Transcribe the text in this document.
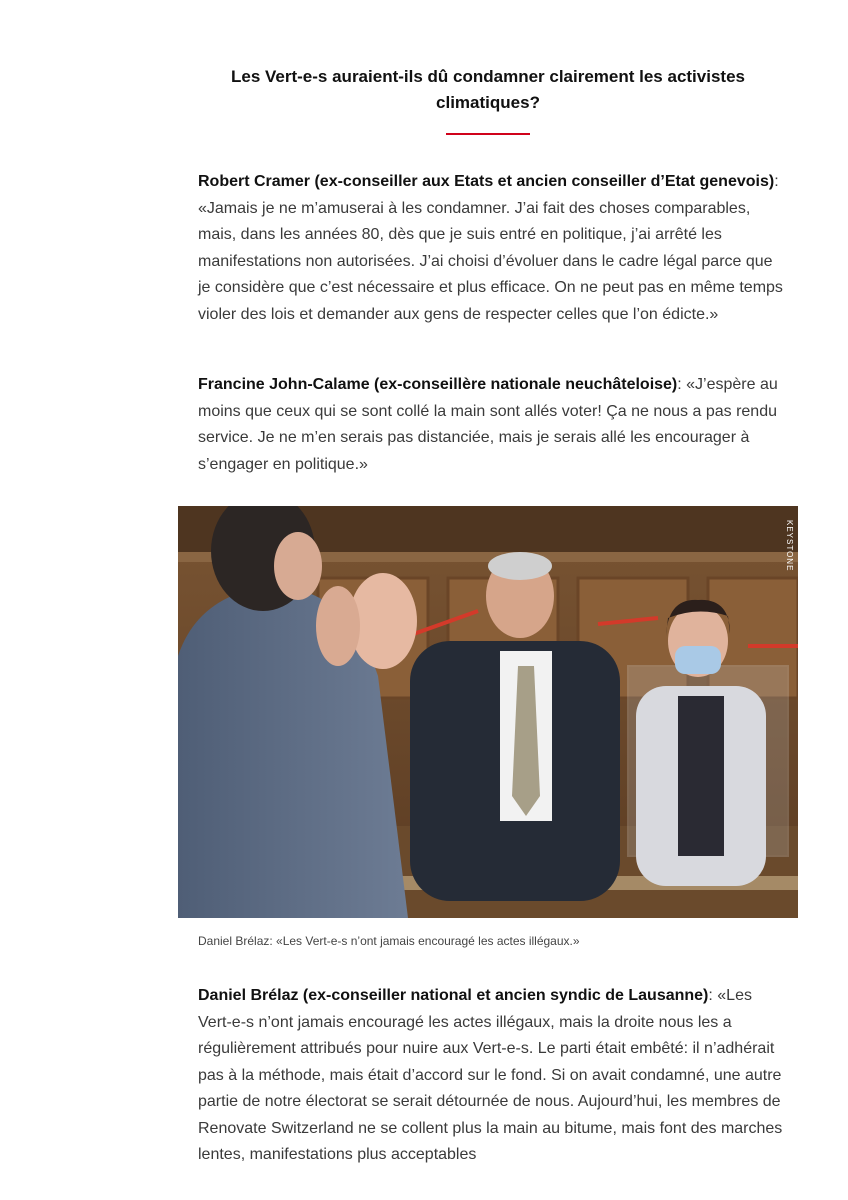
Les Vert-e-s auraient-ils dû condamner clairement les activistes climatiques?

Robert Cramer (ex-conseiller aux Etats et ancien conseiller d’Etat genevois): «Jamais je ne m’amuserai à les condamner. J’ai fait des choses comparables, mais, dans les années 80, dès que je suis entré en politique, j’ai arrêté les manifestations non autorisées. J’ai choisi d’évoluer dans le cadre légal parce que je considère que c’est nécessaire et plus efficace. On ne peut pas en même temps violer des lois et demander aux gens de respecter celles que l’on édicte.»

Francine John-Calame (ex-conseillère nationale neuchâteloise): «J’espère au moins que ceux qui se sont collé la main sont allés voter! Ça ne nous a pas rendu service. Je ne m’en serais pas distanciée, mais je serais allé les encourager à s’engager en politique.»

KEYSTONE

Daniel Brélaz: «Les Vert-e-s n’ont jamais encouragé les actes illégaux.»

Daniel Brélaz (ex-conseiller national et ancien syndic de Lausanne): «Les Vert-e-s n’ont jamais encouragé les actes illégaux, mais la droite nous les a régulièrement attribués pour nuire aux Vert-e-s. Le parti était embêté: il n’adhérait pas à la méthode, mais était d’accord sur le fond. Si on avait condamné, une autre partie de notre électorat se serait détournée de nous. Aujourd’hui, les membres de Renovate Switzerland ne se collent plus la main au bitume, mais font des marches lentes, manifestations plus acceptables
